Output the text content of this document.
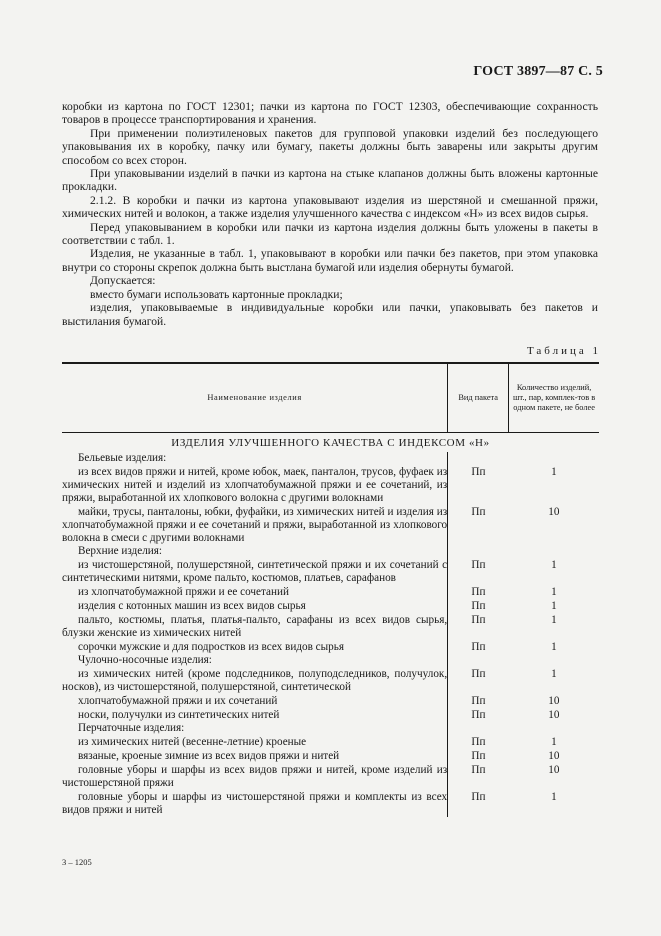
ГОСТ 3897—87 С. 5

коробки из картона по ГОСТ 12301; пачки из картона по ГОСТ 12303, обеспечивающие сохранность товаров в процессе транспортирования и хранения.

При применении полиэтиленовых пакетов для групповой упаковки изделий без последующего упаковывания их в коробку, пачку или бумагу, пакеты должны быть заварены или закрыты другим способом со всех сторон.

При упаковывании изделий в пачки из картона на стыке клапанов должны быть вложены картонные прокладки.

2.1.2. В коробки и пачки из картона упаковывают изделия из шерстяной и смешанной пряжи, химических нитей и волокон, а также изделия улучшенного качества с индексом «Н» из всех видов сырья.

Перед упаковыванием в коробки или пачки из картона изделия должны быть уложены в пакеты в соответствии с табл. 1.

Изделия, не указанные в табл. 1, упаковывают в коробки или пачки без пакетов, при этом упаковка внутри со стороны скрепок должна быть выстлана бумагой или изделия обернуты бумагой.

Допускается:

вместо бумаги использовать картонные прокладки;

изделия, упаковываемые в индивидуальные коробки или пачки, упаковывать без пакетов и выстилания бумагой.

Таблица 1
Наименование изделия	Вид пакета	Количество изделий, шт., пар, комплек-тов в одном пакете, не более

ИЗДЕЛИЯ УЛУЧШЕННОГО КАЧЕСТВА С ИНДЕКСОМ «Н»		

Бельевые изделия:		

из всех видов пряжи и нитей, кроме юбок, маек, панталон, трусов, фуфаек из химических нитей и изделий из хлопчатобумажной пряжи и ее сочетаний, из пряжи, выработанной их хлопкового волокна с другими волокнами	Пп	1

майки, трусы, панталоны, юбки, фуфайки, из химических нитей и изделия из хлопчатобумажной пряжи и ее сочетаний и пряжи, выработанной из хлопкового волокна в смеси с другими волокнами	Пп	10

Верхние изделия:		

из чистошерстяной, полушерстяной, синтетической пряжи и их сочетаний с синтетическими нитями, кроме пальто, костюмов, платьев, сарафанов	Пп	1

из хлопчатобумажной пряжи и ее сочетаний	Пп	1

изделия с котонных машин из всех видов сырья	Пп	1

пальто, костюмы, платья, платья-пальто, сарафаны из всех видов сырья, блузки женские из химических нитей	Пп	1

сорочки мужские и для подростков из всех видов сырья	Пп	1

Чулочно-носочные изделия:		

из химических нитей (кроме подследников, полуподследников, получулок, носков), из чистошерстяной, полушерстяной, синтетической	Пп	1

хлопчатобумажной пряжи и их сочетаний	Пп	10

носки, получулки из синтетических нитей	Пп	10

Перчаточные изделия:		

из химических нитей (весенне-летние) кроеные	Пп	1

вязаные, кроеные зимние из всех видов пряжи и нитей	Пп	10

головные уборы и шарфы из всех видов пряжи и нитей, кроме изделий из чистошерстяной пряжи	Пп	10

головные уборы и шарфы из чистошерстяной пряжи и комплекты из всех видов пряжи и нитей	Пп	1
3 – 1205
